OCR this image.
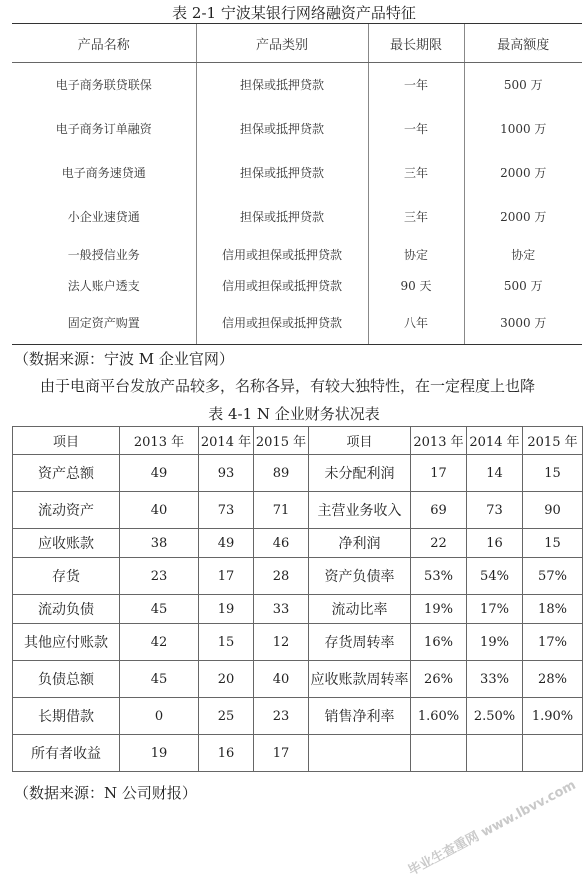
表 2-1 宁波某银行网络融资产品特征
产品名称	产品类别	最长期限	最高额度
电子商务联贷联保	担保或抵押贷款	一年	500 万
电子商务订单融资	担保或抵押贷款	一年	1000 万
电子商务速贷通	担保或抵押贷款	三年	2000 万
小企业速贷通	担保或抵押贷款	三年	2000 万
一般授信业务	信用或担保或抵押贷款	协定	协定
法人账户透支	信用或担保或抵押贷款	90 天	500 万
固定资产购置	信用或担保或抵押贷款	八年	3000 万
（数据来源：宁波 M 企业官网）
由于电商平台发放产品较多，名称各异，有较大独特性，在一定程度上也降
表 4-1 N 企业财务状况表
项目	2013 年	2014 年	2015 年	项目	2013 年	2014 年	2015 年
资产总额	49	93	89	未分配利润	17	14	15
流动资产	40	73	71	主营业务收入	69	73	90
应收账款	38	49	46	净利润	22	16	15
存货	23	17	28	资产负债率	53%	54%	57%
流动负债	45	19	33	流动比率	19%	17%	18%
其他应付账款	42	15	12	存货周转率	16%	19%	17%
负债总额	45	20	40	应收账款周转率	26%	33%	28%
长期借款	0	25	23	销售净利率	1.60%	2.50%	1.90%
所有者收益	19	16	17				
（数据来源：N 公司财报）	毕业生查重网 www.lbvv.com
